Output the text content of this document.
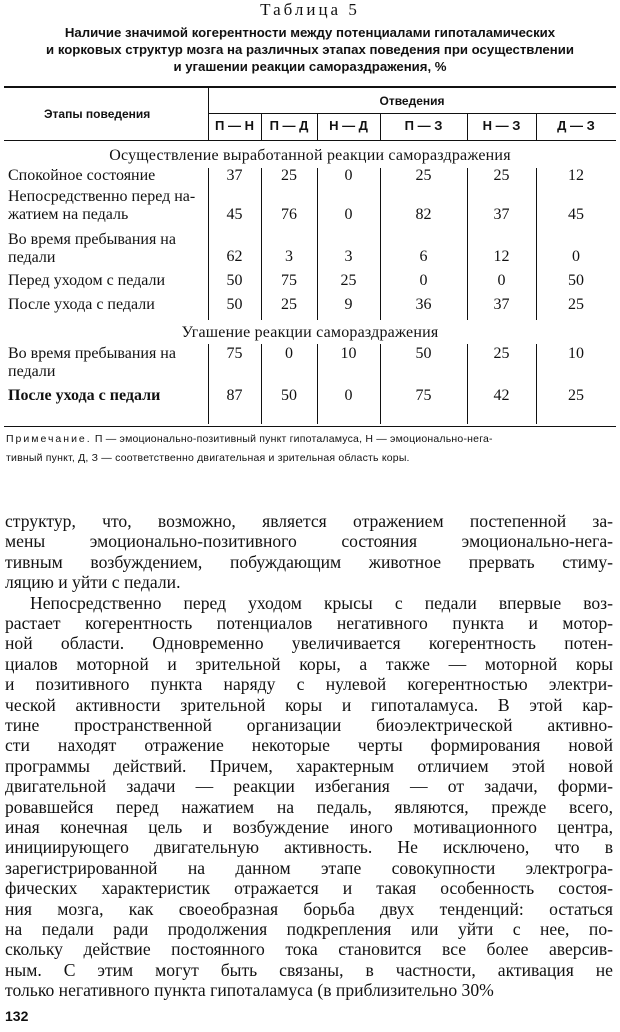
Таблица 5
Наличие значимой когерентности между потенциалами гипоталамических
и корковых структур мозга на различных этапах поведения при осуществлении
и угашении реакции самораздражения, %
Этапы поведения
Отведения
П — Н	П — Д	Н — Д	П — З	Н — З	Д — З
Осуществление выработанной реакции самораздражения
Спокойное состояние	37	25	0	25	25	12
Непосредственно перед на-
жатием на педаль	45	76	0	82	37	45
Во время пребывания на
педали	62	3	3	6	12	0
Перед уходом с педали	50	75	25	0	0	50
После ухода с педали	50	25	9	36	37	25
Угашение реакции самораздражения
Во время пребывания на
педали
75	0	10	50	25	10
После ухода с педали	87	50	0	75	42	25
Примечание. П — эмоционально-позитивный пункт гипоталамуса, Н — эмоционально-нега-
тивный пункт, Д, З — соответственно двигательная и зрительная область коры.
структур, что, возможно, является отражением постепенной за-
мены эмоционально-позитивного состояния эмоционально-нега-
тивным возбуждением, побуждающим животное прервать стиму-
ляцию и уйти с педали.
Непосредственно перед уходом крысы с педали впервые воз-
растает когерентность потенциалов негативного пункта и мотор-
ной области. Одновременно увеличивается когерентность потен-
циалов моторной и зрительной коры, а также — моторной коры
и позитивного пункта наряду с нулевой когерентностью электри-
ческой активности зрительной коры и гипоталамуса. В этой кар-
тине пространственной организации биоэлектрической активно-
сти находят отражение некоторые черты формирования новой
программы действий. Причем, характерным отличием этой новой
двигательной задачи — реакции избегания — от задачи, форми-
ровавшейся перед нажатием на педаль, являются, прежде всего,
иная конечная цель и возбуждение иного мотивационного центра,
инициирующего двигательную активность. Не исключено, что в
зарегистрированной на данном этапе совокупности электрогра-
фических характеристик отражается и такая особенность состоя-
ния мозга, как своеобразная борьба двух тенденций: остаться
на педали ради продолжения подкрепления или уйти с нее, по-
скольку действие постоянного тока становится все более аверсив-
ным. С этим могут быть связаны, в частности, активация не
только негативного пункта гипоталамуса (в приблизительно 30%
132
